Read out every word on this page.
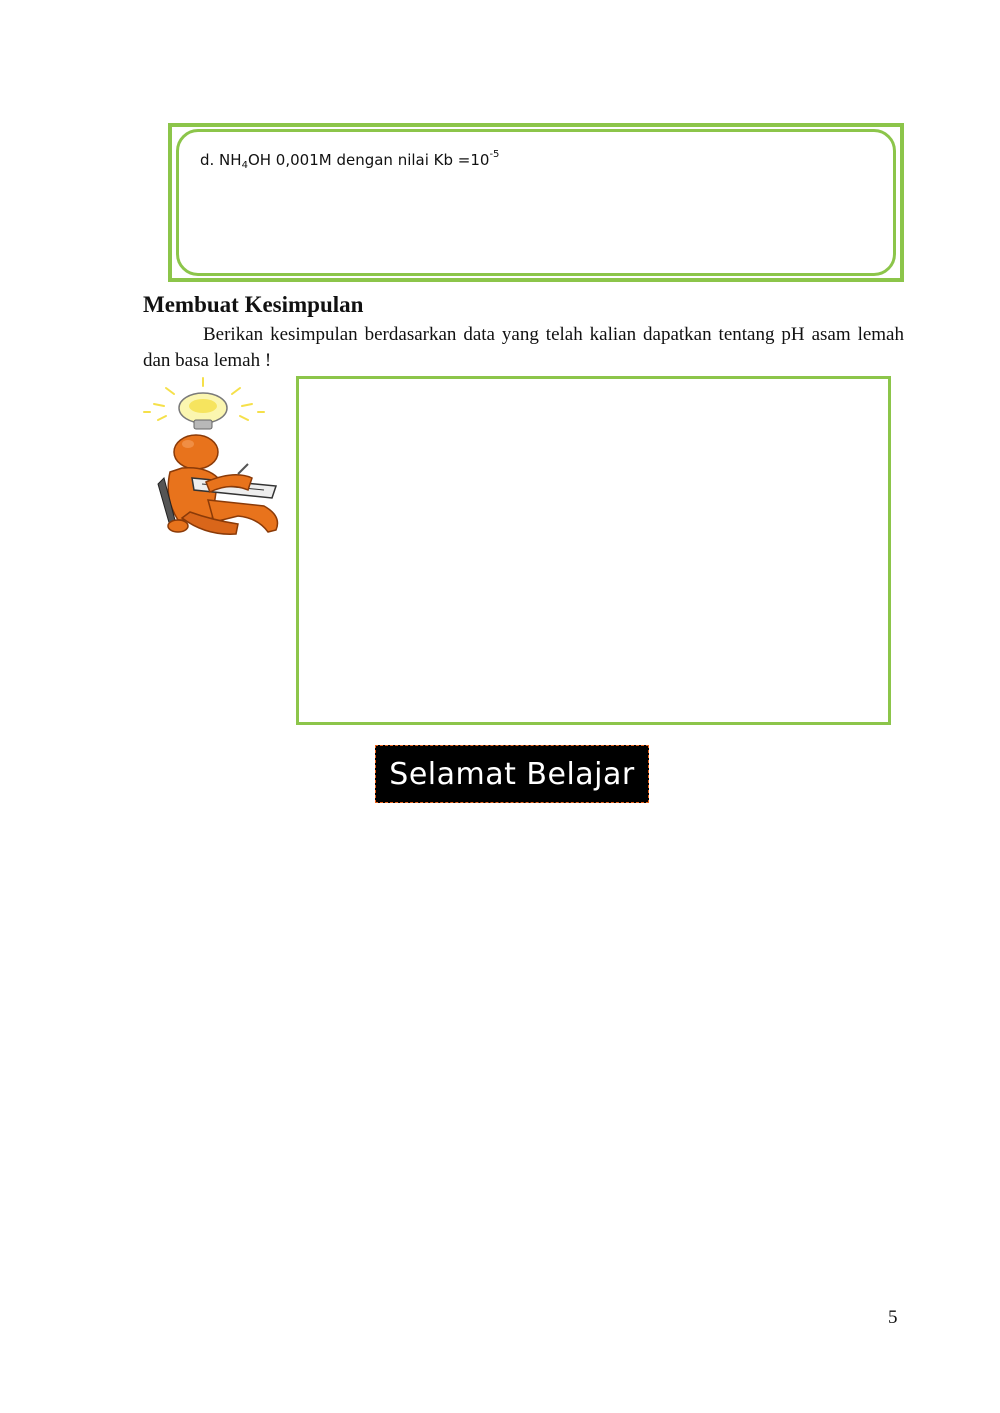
d. $NH_4OH$ 0,001M dengan nilai $Kb =10^{-5}$
Membuat Kesimpulan

Berikan kesimpulan berdasarkan data yang telah kalian dapatkan tentang pH asam lemah dan basa lemah !

Selamat Belajar
5
